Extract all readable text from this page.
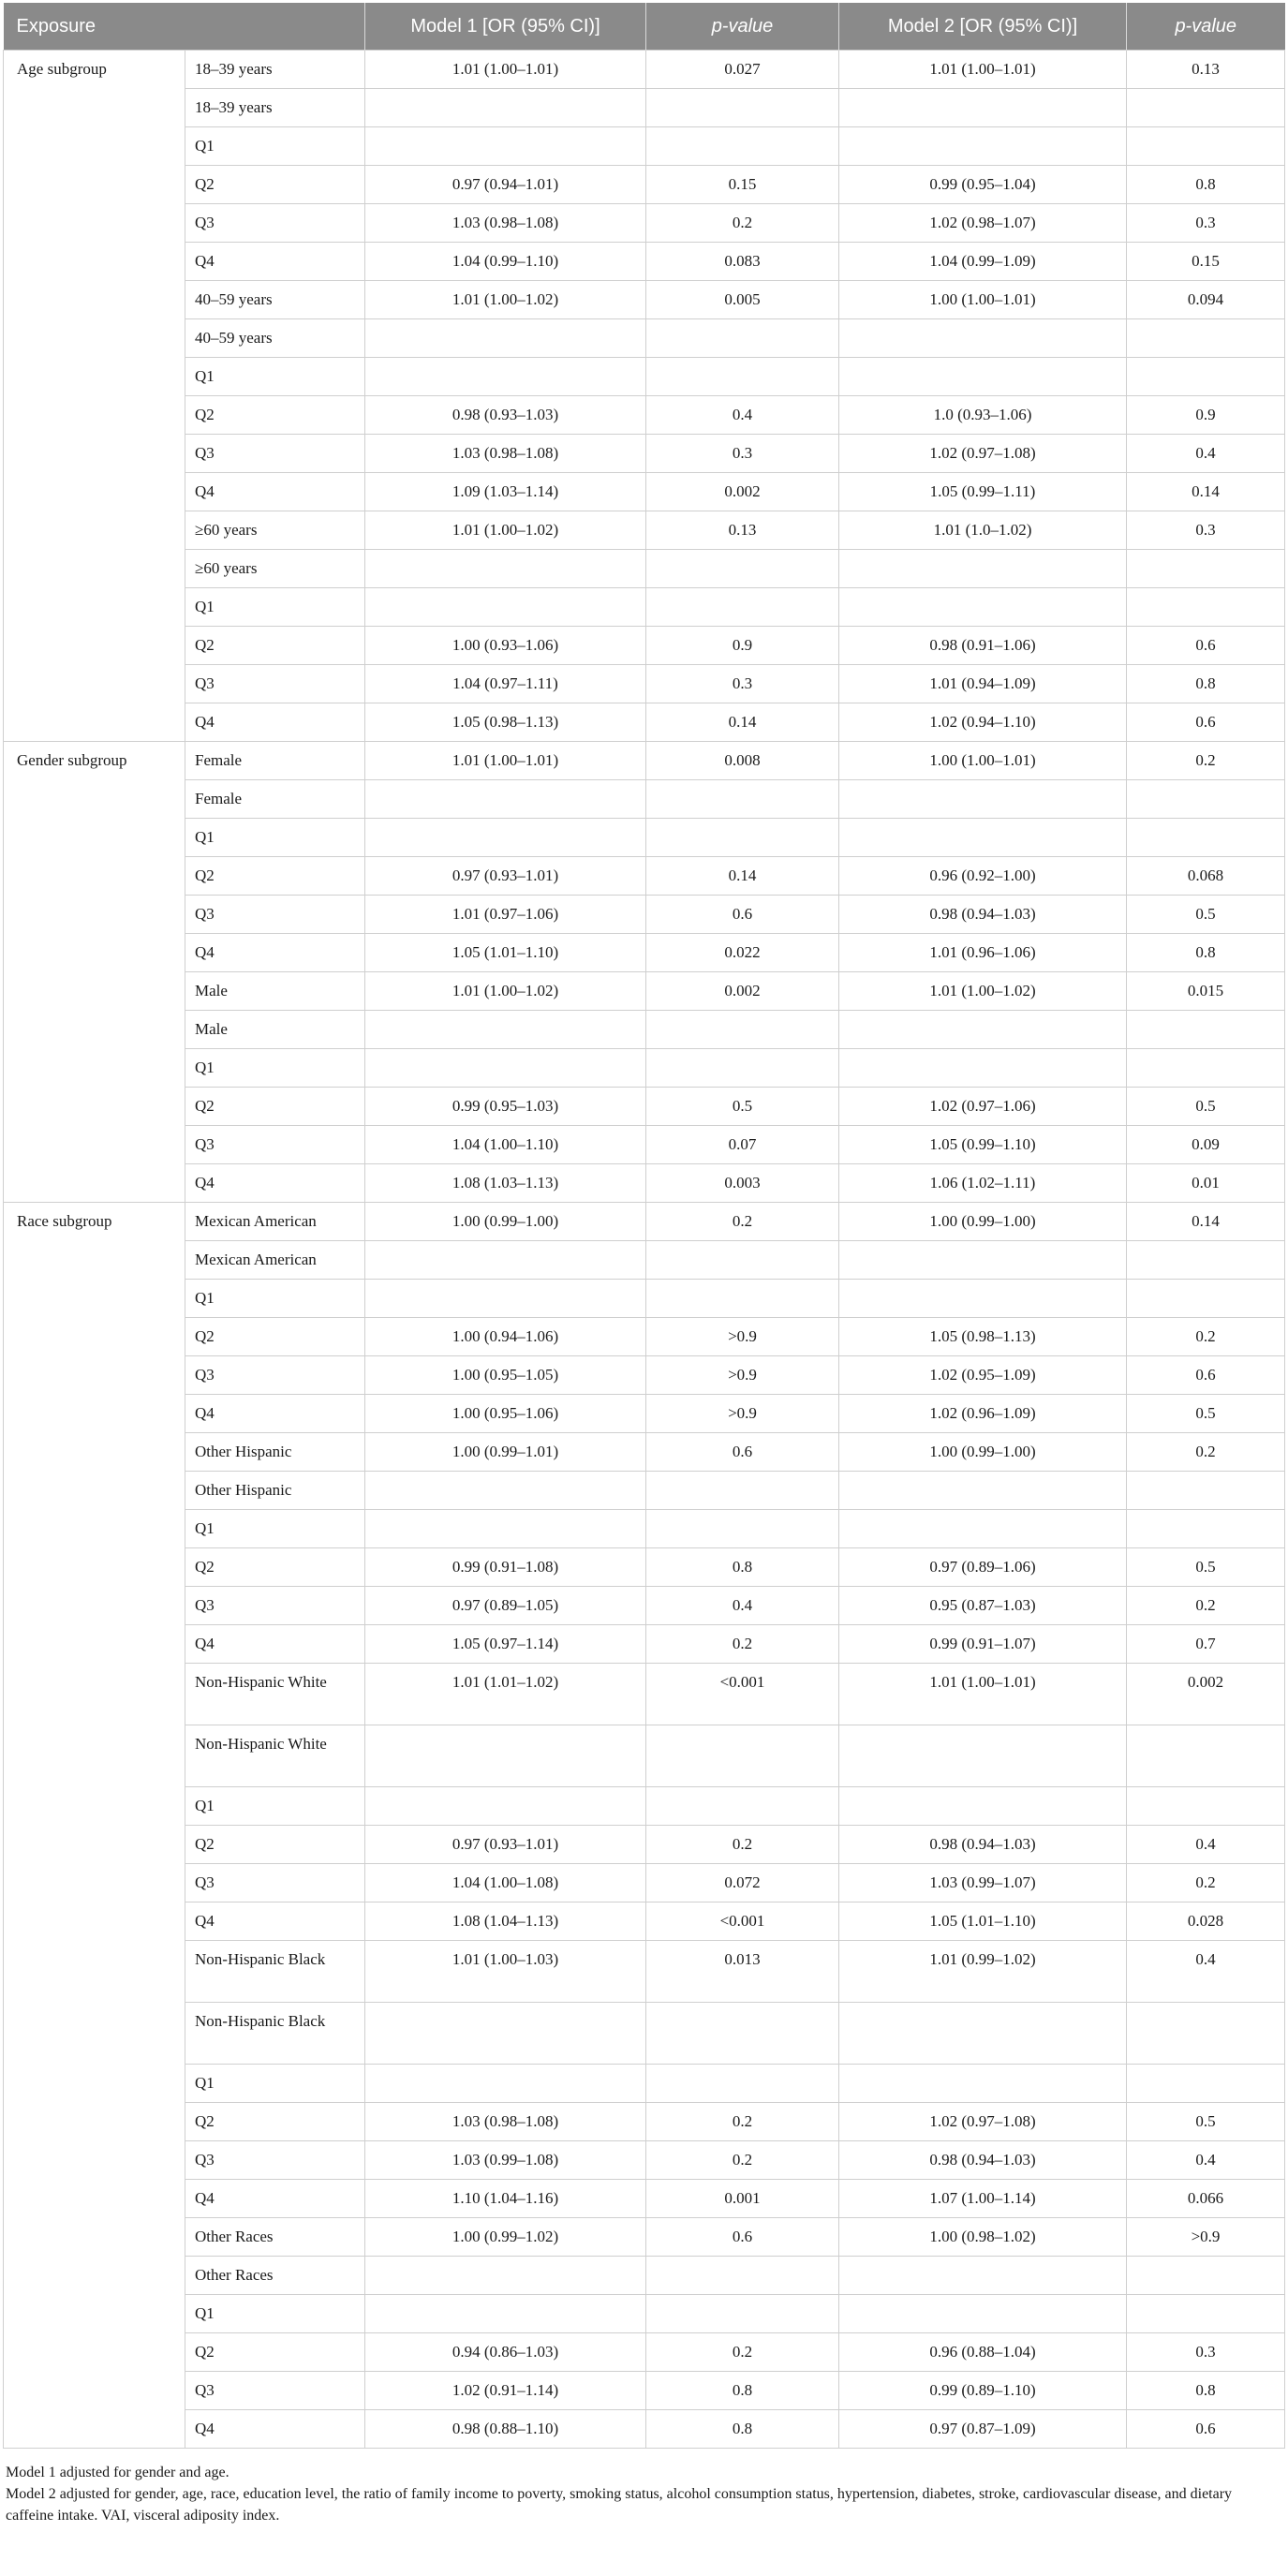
Exposure		Model 1 [OR (95% CI)]	p-value	Model 2 [OR (95% CI)]	p-value
Age subgroup	18–39 years	1.01 (1.00–1.01)	0.027	1.01 (1.00–1.01)	0.13
	18–39 years				
	Q1				
	Q2	0.97 (0.94–1.01)	0.15	0.99 (0.95–1.04)	0.8
	Q3	1.03 (0.98–1.08)	0.2	1.02 (0.98–1.07)	0.3
	Q4	1.04 (0.99–1.10)	0.083	1.04 (0.99–1.09)	0.15
	40–59 years	1.01 (1.00–1.02)	0.005	1.00 (1.00–1.01)	0.094
	40–59 years				
	Q1				
	Q2	0.98 (0.93–1.03)	0.4	1.0 (0.93–1.06)	0.9
	Q3	1.03 (0.98–1.08)	0.3	1.02 (0.97–1.08)	0.4
	Q4	1.09 (1.03–1.14)	0.002	1.05 (0.99–1.11)	0.14
	≥60 years	1.01 (1.00–1.02)	0.13	1.01 (1.0–1.02)	0.3
	≥60 years				
	Q1				
	Q2	1.00 (0.93–1.06)	0.9	0.98 (0.91–1.06)	0.6
	Q3	1.04 (0.97–1.11)	0.3	1.01 (0.94–1.09)	0.8
	Q4	1.05 (0.98–1.13)	0.14	1.02 (0.94–1.10)	0.6
Gender subgroup	Female	1.01 (1.00–1.01)	0.008	1.00 (1.00–1.01)	0.2
	Female				
	Q1				
	Q2	0.97 (0.93–1.01)	0.14	0.96 (0.92–1.00)	0.068
	Q3	1.01 (0.97–1.06)	0.6	0.98 (0.94–1.03)	0.5
	Q4	1.05 (1.01–1.10)	0.022	1.01 (0.96–1.06)	0.8
	Male	1.01 (1.00–1.02)	0.002	1.01 (1.00–1.02)	0.015
	Male				
	Q1				
	Q2	0.99 (0.95–1.03)	0.5	1.02 (0.97–1.06)	0.5
	Q3	1.04 (1.00–1.10)	0.07	1.05 (0.99–1.10)	0.09
	Q4	1.08 (1.03–1.13)	0.003	1.06 (1.02–1.11)	0.01
Race subgroup	Mexican American	1.00 (0.99–1.00)	0.2	1.00 (0.99–1.00)	0.14
	Mexican American				
	Q1				
	Q2	1.00 (0.94–1.06)	>0.9	1.05 (0.98–1.13)	0.2
	Q3	1.00 (0.95–1.05)	>0.9	1.02 (0.95–1.09)	0.6
	Q4	1.00 (0.95–1.06)	>0.9	1.02 (0.96–1.09)	0.5
	Other Hispanic	1.00 (0.99–1.01)	0.6	1.00 (0.99–1.00)	0.2
	Other Hispanic				
	Q1				
	Q2	0.99 (0.91–1.08)	0.8	0.97 (0.89–1.06)	0.5
	Q3	0.97 (0.89–1.05)	0.4	0.95 (0.87–1.03)	0.2
	Q4	1.05 (0.97–1.14)	0.2	0.99 (0.91–1.07)	0.7
	Non-Hispanic White	1.01 (1.01–1.02)	<0.001	1.01 (1.00–1.01)	0.002
	Non-Hispanic White				
	Q1				
	Q2	0.97 (0.93–1.01)	0.2	0.98 (0.94–1.03)	0.4
	Q3	1.04 (1.00–1.08)	0.072	1.03 (0.99–1.07)	0.2
	Q4	1.08 (1.04–1.13)	<0.001	1.05 (1.01–1.10)	0.028
	Non-Hispanic Black	1.01 (1.00–1.03)	0.013	1.01 (0.99–1.02)	0.4
	Non-Hispanic Black				
	Q1				
	Q2	1.03 (0.98–1.08)	0.2	1.02 (0.97–1.08)	0.5
	Q3	1.03 (0.99–1.08)	0.2	0.98 (0.94–1.03)	0.4
	Q4	1.10 (1.04–1.16)	0.001	1.07 (1.00–1.14)	0.066
	Other Races	1.00 (0.99–1.02)	0.6	1.00 (0.98–1.02)	>0.9
	Other Races				
	Q1				
	Q2	0.94 (0.86–1.03)	0.2	0.96 (0.88–1.04)	0.3
	Q3	1.02 (0.91–1.14)	0.8	0.99 (0.89–1.10)	0.8
	Q4	0.98 (0.88–1.10)	0.8	0.97 (0.87–1.09)	0.6
Model 1 adjusted for gender and age.
Model 2 adjusted for gender, age, race, education level, the ratio of family income to poverty, smoking status, alcohol consumption status, hypertension, diabetes, stroke, cardiovascular disease, and dietary caffeine intake. VAI, visceral adiposity index.
